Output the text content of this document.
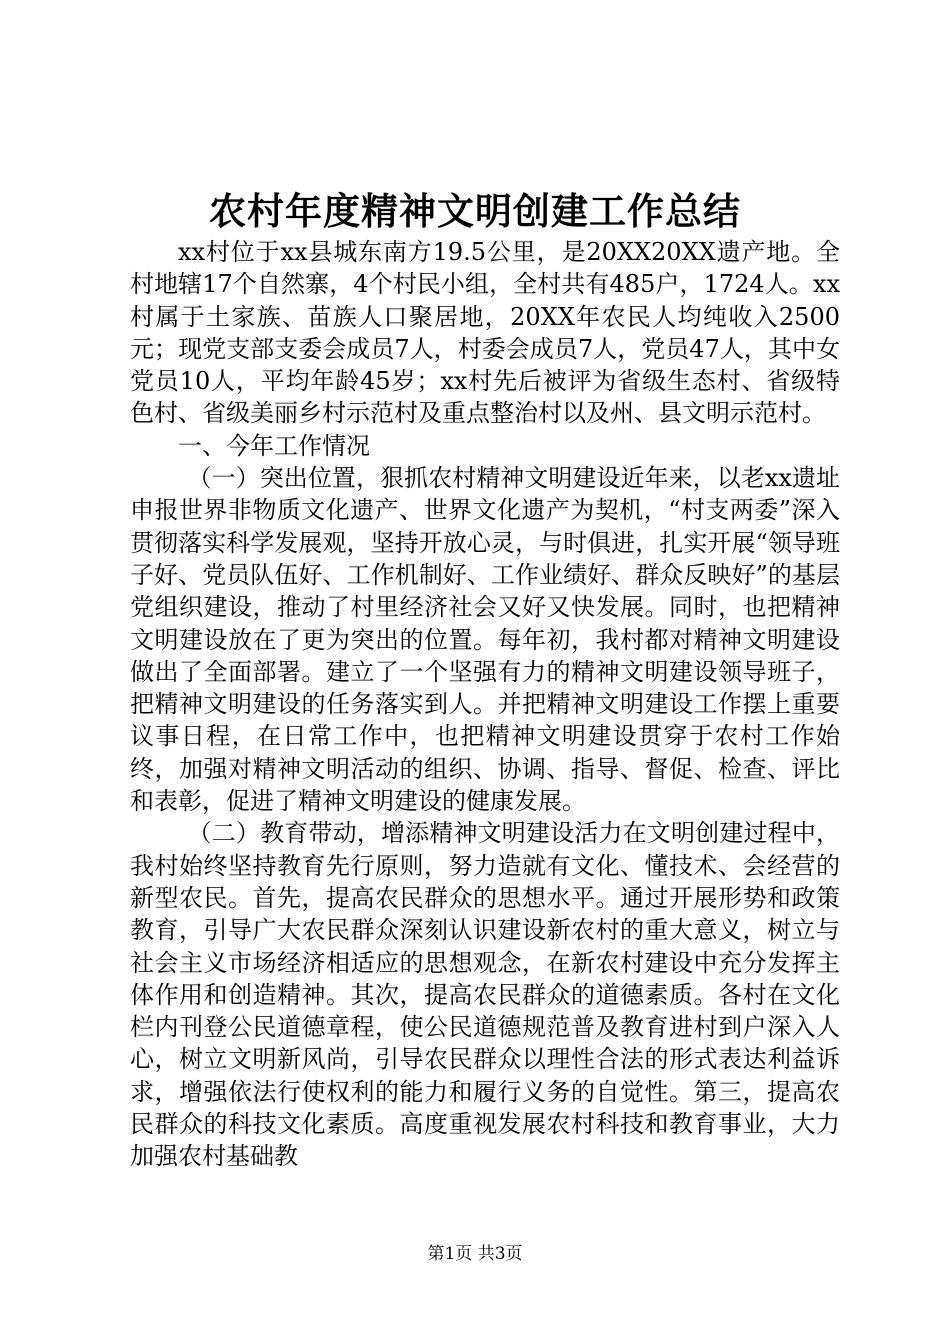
农村年度精神文明创建工作总结

xx村位于xx县城东南方19.5公里，是20XX20XX遗产地。全村地辖17个自然寨，4个村民小组，全村共有485户，1724人。xx村属于土家族、苗族人口聚居地，20XX年农民人均纯收入2500元；现党支部支委会成员7人，村委会成员7人，党员47人，其中女党员10人，平均年龄45岁；xx村先后被评为省级生态村、省级特色村、省级美丽乡村示范村及重点整治村以及州、县文明示范村。

一、今年工作情况

（一）突出位置，狠抓农村精神文明建设近年来，以老xx遗址申报世界非物质文化遗产、世界文化遗产为契机，“村支两委”深入贯彻落实科学发展观，坚持开放心灵，与时俱进，扎实开展“领导班子好、党员队伍好、工作机制好、工作业绩好、群众反映好”的基层党组织建设，推动了村里经济社会又好又快发展。同时，也把精神文明建设放在了更为突出的位置。每年初，我村都对精神文明建设做出了全面部署。建立了一个坚强有力的精神文明建设领导班子，把精神文明建设的任务落实到人。并把精神文明建设工作摆上重要议事日程，在日常工作中，也把精神文明建设贯穿于农村工作始终，加强对精神文明活动的组织、协调、指导、督促、检查、评比和表彰，促进了精神文明建设的健康发展。

（二）教育带动，增添精神文明建设活力在文明创建过程中，我村始终坚持教育先行原则，努力造就有文化、懂技术、会经营的新型农民。首先，提高农民群众的思想水平。通过开展形势和政策教育，引导广大农民群众深刻认识建设新农村的重大意义，树立与社会主义市场经济相适应的思想观念，在新农村建设中充分发挥主体作用和创造精神。其次，提高农民群众的道德素质。各村在文化栏内刊登公民道德章程，使公民道德规范普及教育进村到户深入人心，树立文明新风尚，引导农民群众以理性合法的形式表达利益诉求，增强依法行使权利的能力和履行义务的自觉性。第三，提高农民群众的科技文化素质。高度重视发展农村科技和教育事业，大力加强农村基础教

第1页 共3页
